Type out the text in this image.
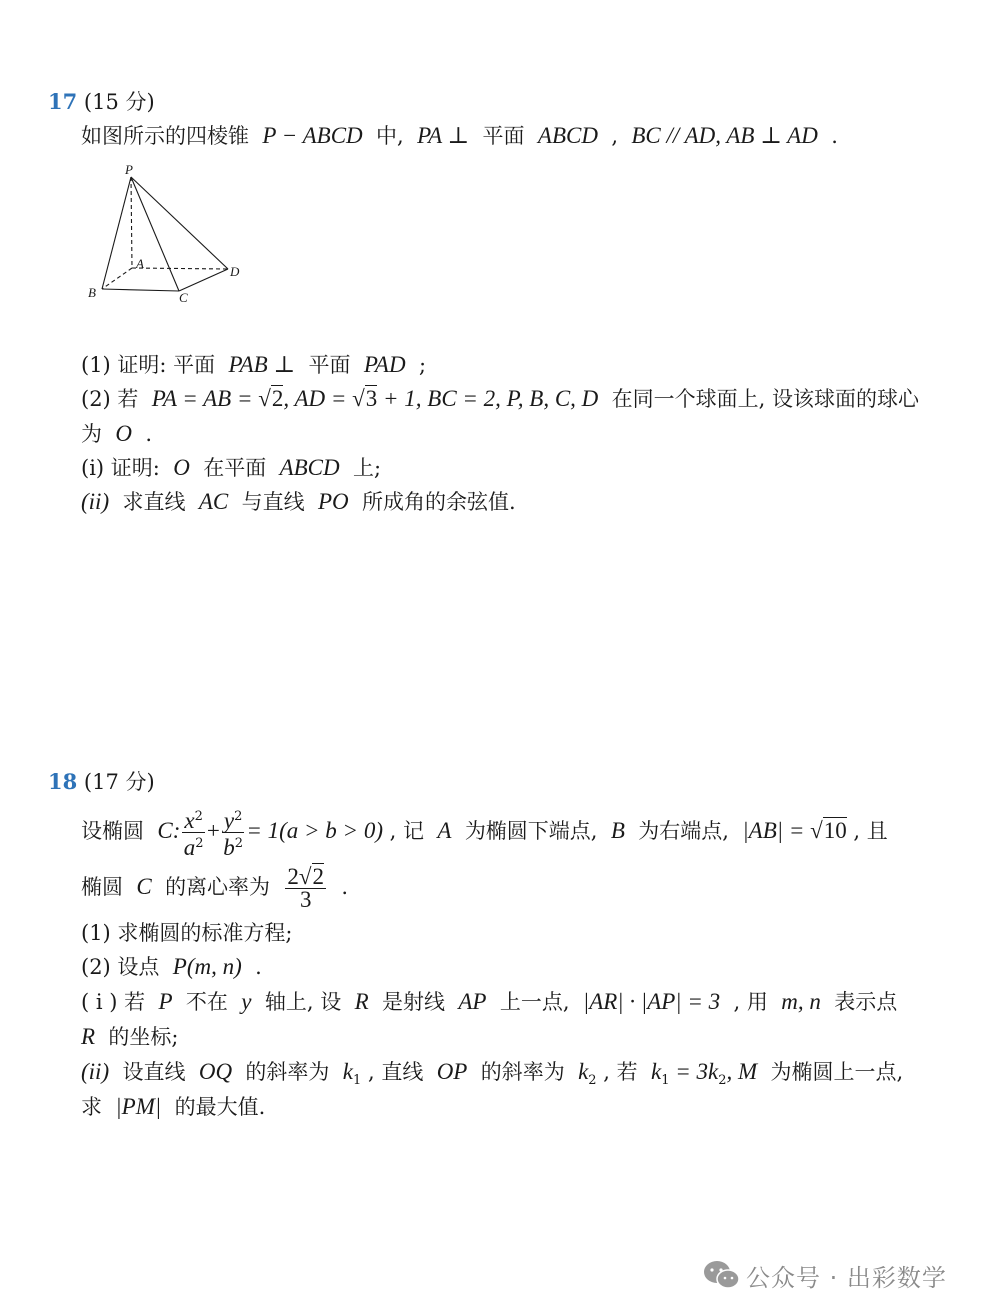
17 (15 分)
如图所示的四棱锥 P − ABCD 中, PA ⊥ 平面 ABCD , BC // AD, AB ⊥ AD .
P
A
B	C
D
(1) 证明: 平面 PAB ⊥ 平面 PAD ;
(2) 若 PA = AB = √2, AD = √3 + 1, BC = 2, P, B, C, D 在同一个球面上, 设该球面的球心
为 O .
(i) 证明: O 在平面 ABCD 上;
(ii) 求直线 AC 与直线 PO 所成角的余弦值.
18 (17 分)
设椭圆 C: $\frac{x^2}{a^2} + \frac{y^2}{b^2} = 1(a > b > 0)$ , 记 A 为椭圆下端点, B 为右端点, |AB| = √10 , 且
椭圆 C 的离心率为 $\frac{2√2}{3}$ .
(1) 求椭圆的标准方程;
(2) 设点 P(m, n) .
( i ) 若 P 不在 y 轴上, 设 R 是射线 AP 上一点, |AR| · |AP| = 3 , 用 m, n 表示点
R 的坐标;
(ii) 设直线 OQ 的斜率为 $k_1$ , 直线 OP 的斜率为 $k_2$ , 若 $k_1 = 3k_2$, M 为椭圆上一点,
求 |PM| 的最大值.
公众号 · 出彩数学
